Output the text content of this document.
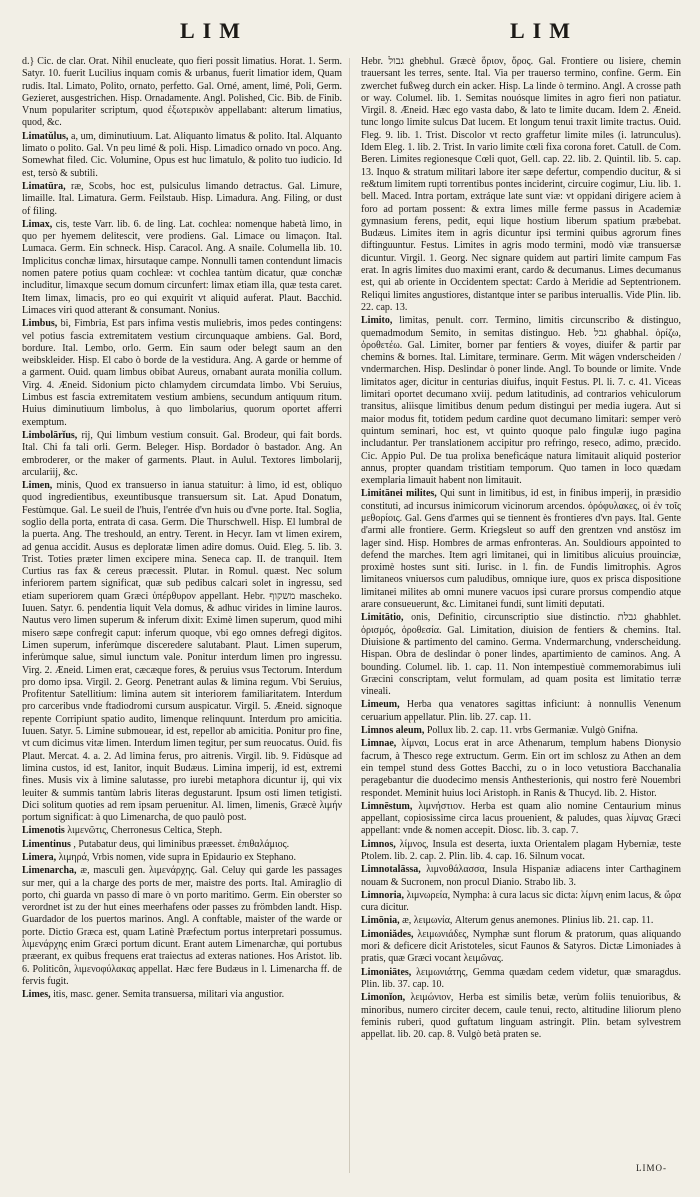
LIM	LIM

d.} Cic. de clar. Orat. Nihil enucleate, quo fieri possit limatius. Horat. 1. Serm. Satyr. 10. fuerit Lucilius inquam comis & urbanus, fuerit limatior idem, Quam rudis. Ital. Limato, Polito, ornato, perfetto. Gal. Orné, ament, limé, Poli, Germ. Gezieret, ausgestrichen. Hisp. Ornadamente. Angl. Polished, Cic. Bib. de Finib. Vnum populariter scriptum, quod ἐξωτερικὸν appellabant: alterum limatius, quod, &c.

Limatŭlus, a, um, diminutiuum. Lat. Aliquanto limatus & polito. Ital. Alquanto limato o polito. Gal. Vn peu limé & poli. Hisp. Limadico ornado vn poco. Ang. Somewhat filed. Cic. Volumine, Opus est huc limatulo, & polito tuo iudicio. Id est, tersò & subtili.

Limatūra, ræ, Scobs, hoc est, pulsiculus limando detractus. Gal. Limure, limaille. Ital. Limatura. Germ. Feilstaub. Hisp. Limadura. Ang. Filing, or dust of filing.

Limax, cis, teste Varr. lib. 6. de ling. Lat. cochlea: nomenque habetà limo, in quo per hyemem delitescit, vere prodiens. Gal. Limace ou limaçon. Ital. Lumaca. Germ. Ein schneck. Hisp. Caracol. Ang. A snaile. Columella lib. 10. Implicitus conchæ limax, hirsutaque campe. Nonnulli tamen contendunt limacis nomen patere potius quam cochleæ: vt cochlea tantùm dicatur, quæ conchæ includitur, limaxque secum domum circunfert: limax etiam illa, quæ testa caret. Item limax, limacis, pro eo qui exquirit vt aliquid auferat. Plaut. Bacchid. Limaces viri quod atterant & consumant. Nonius.

Limbus, bi, Fimbria, Est pars infima vestis muliebris, imos pedes contingens: vel potius fascia extremitatem vestium circunquaque ambiens. Gal. Bord, bordure. Ital. Lembo, orlo. Germ. Ein saum oder belegt saum an den weibskleider. Hisp. El cabo ò borde de la vestidura. Ang. A garde or hemme of a garment. Ouid. quam limbus obibat Aureus, ornabant aurata monilia collum. Virg. 4. Æneid. Sidonium picto chlamydem circumdata limbo. Vbi Seruius, Limbus est fascia extremitatem vestium ambiens, secundum antiquum ritum. Huius diminutiuum limbolus, à quo limbolarius, quorum oportet afferri exemptum.

Limbolārĭus, rij, Qui limbum vestium consuit. Gal. Brodeur, qui fait bords. Ital. Chi fa tali orli. Germ. Beleger. Hisp. Bordador ò bastador. Ang. An embroderer, or the maker of garments. Plaut. in Aulul. Textores limbolarij, arculariij, &c.

Limen, minis, Quod ex transuerso in ianua statuitur: à limo, id est, obliquo quod ingredientibus, exeuntibusque transuersum sit. Lat. Apud Donatum, Festùmque. Gal. Le sueil de l'huis, l'entrée d'vn huis ou d'vne porte. Ital. Soglia, soglio della porta, entrata di casa. Germ. Die Thurschwell. Hisp. El lumbral de la puerta. Ang. The treshould, an entry. Terent. in Hecyr. Iam vt limen exirem, ad genua accidit. Ausus es deploratæ limen adire domus. Ouid. Eleg. 5. lib. 3. Trist. Toties præter limen excipere mina. Seneca cap. II. de tranquil. Item Curtius ras fax & cereus præcessit. Plutar. in Romul. quæst. Nec solum inferiorem partem significat, quæ sub pedibus calcari solet in ingressu, sed etiam superiorem quam Græci ὑπέρθυρον appellant. Hebr. משקוף mascheko. Iuuen. Satyr. 6. pendentia liquit Vela domus, & adhuc virides in limine lauros. Nautus vero limen superum & inferum dixit: Eximè limen superum, quod mihi misero sæpe confregit caput: inferum quoque, vbi ego omnes defregi digitos. Limen superum, inferùmque disceredere salutabant. Plaut. Limen superum, inferùmque salue, simul iunctum vale. Ponitur interdum limen pro ingressu. Virg. 2. Æneid. Limen erat, cæcæque fores, & peruius vsus Tectorum. Interdum pro domo ipsa. Virgil. 2. Georg. Penetrant aulas & limina regum. Vbi Seruius, Profitentur Satellitium: limina autem sit interiorem familiaritatem. Interdum pro carceribus vnde ftadiodromi cursum auspicatur. Virgil. 5. Æneid. signoque repente Corripiunt spatio audito, limenque relinquunt. Interdum pro amicitia. Iuuen. Satyr. 5. Limine submouear, id est, repellor ab amicitia. Ponitur pro fine, vt cum dicimus vitæ limen. Interdum limen tegitur, per sum reuocatus. Ouid. fis Plaut. Mercat. 4. a. 2. Ad limina ferus, pro aitrenis. Virgil. lib. 9. Fidùsque ad limina custos, id est, Ianitor, inquit Budæus. Limina imperij, id est, extremi fines. Musis vix à limine salutasse, pro iurebi metaphora dicuntur ij, qui vix leuiter & summis tantùm labris literas degustarunt. Ipsum osti limen tetigisti. Dici solitum quoties ad rem ipsam peruenitur. Al. limen, limenis, Græcè λιμήν portum significat: à quo Limenarcha, de quo paulò post.

Limenotis λιμενῶτις, Cherronesus Celtica, Steph.

Limentinus , Putabatur deus, qui liminibus præesset. ἐπιθαλάμιος.

Limera, λιμηρά, Vrbis nomen, vide supra in Epidaurio ex Stephano.

Limenarcha, æ, masculi gen. λιμενάρχης. Gal. Celuy qui garde les passages sur mer, qui a la charge des ports de mer, maistre des ports. Ital. Amiraglio di porto, chi guarda vn passo di mare ò vn porto maritimo. Germ. Ein oberster so verordnet ist zu der hut eines meerhafens oder passes zu frömbden landt. Hisp. Guardador de los puertos marinos. Angl. A conftable, maister of the warde or porte. Dictio Græca est, quam Latinè Præfectum portus interpretari possumus. λιμενάρχης enim Græci portum dicunt. Erant autem Limenarchæ, qui portubus præerant, ex quibus frequens erat traiectus ad exteras nationes. Hos Aristot. lib. 6. Politicôn, λιμενοφύλακας appellat. Hæc fere Budæus in l. Limenarcha ff. de fervis fugit.

Limes, itis, masc. gener. Semita transuersa, militari via angustior.

Hebr. גבול ghebhul. Græcè ὅριον, ὅρος. Gal. Frontiere ou lisiere, chemin trauersant les terres, sente. Ital. Via per trauerso termino, confine. Germ. Ein zwerchet fußweg durch ein acker. Hisp. La linde ò termino. Angl. A crosse path or way. Columel. lib. 1. Semitas nouósque limites in agro fieri non patiatur. Virgil. 8. Æneid. Hæc ego vasta dabo, & lato te limite ducam. Idem 2. Æneid. tunc longo limite sulcus Dat lucem. Et longum tenui traxit limite tractus. Ouid. Fleg. 9. lib. 1. Trist. Discolor vt recto graffetur limite miles (i. latrunculus). Idem Eleg. 1. lib. 2. Trist. In vario limite cœli fixa corona foret. Catull. de Com. Beren. Limites regionesque Cœli quot, Gell. cap. 22. lib. 2. Quintil. lib. 5. cap. 13. Inquo & stratum militari labore iter sæpe defertur, compendio ducitur, & si re&tum limitem rupti torrentibus pontes inciderint, circuire cogimur, Liu. lib. 1. bell. Maced. Intra portam, extráque late sunt viæ: vt oppidani dirigere aciem à foro ad portam possent: & extra limes mille ferme passus in Academiæ gymnasium ferens, pedit, equi lique hostium liberum spatium præbebat. Budæus. Limites item in agris dicuntur ipsi termini quibus agrorum fines diftinguuntur. Festus. Limites in agris modo termini, modò viæ transuersæ dicuntur. Virgil. 1. Georg. Nec signare quidem aut partiri limite campum Fas erat. In agris limites duo maximi erant, cardo & decumanus. Limes decumanus est, qui ab oriente in Occidentem spectat: Cardo à Meridie ad Septentrionem. Reliqui limites angustiores, distantque inter se paribus interuallis. Vide Plin. lib. 22. cap. 13.

Limito, limitas, penult. corr. Termino, limitis circunscribo & distinguo, quemadmodum Semito, in semitas distinguo. Heb. גבל ghabhal. ὁρίζω, ὁροθετέω. Gal. Limiter, borner par fentiers & voyes, diuifer & partir par chemins & bornes. Ital. Limitare, terminare. Germ. Mit wägen vnderscheiden / vndermarchen. Hisp. Deslindar ò poner linde. Angl. To bounde or limite. Vnde limitatos ager, dicitur in centurias diuifus, inquit Festus. Pl. li. 7. c. 41. Viceas limitari oportet decumano xviij. pedum latitudinis, ad contrarios vehiculorum transitus, aliisque limitibus denum pedum distingui per media iugera. Aut si maior modus fit, totidem pedum cardine quot decumano limitari: semper verò quintum seminari, hoc est, vt quinto quoque palo fingulæ iugo pagina includantur. Per translationem accipitur pro refringo, reseco, adimo, præcido. Cic. Appio Pul. De tua prolixa beneficáque natura limitauit aliquid posterior annus, propter quandam tristitiam temporum. Quo tamen in loco quædam exemplaria limauit habent non limitauit.

Limitānei milites, Qui sunt in limitibus, id est, in finibus imperij, in præsidio constituti, ad incursus inimicorum vicinorum arcendos. ὁρόφυλακες, οἱ ἐν τοῖς μεθορίοις. Gal. Gens d'armes qui se tiennent ès frontieres d'vn pays. Ital. Gente d'armi alle frontiere. Germ. Kriegsleut so auff den grentzen vnd anstösz im lager sind. Hisp. Hombres de armas enfronteras. An. Souldiours appointed to defend the marches. Item agri limitanei, qui in limitibus alicuius prouinciæ, proximè hostes sunt siti. Iurisc. in l. fin. de Fundis limitrophis. Agros limitaneos vniuersos cum paludibus, omnique iure, quos ex prisca dispositione limitanei milites ab omni munere vacuos ipsi curare prorsus compendio atque arare consueuerunt, &c. Limitanei fundi, sunt limiti deputati.

Limitātio, onis, Definitio, circunscriptio siue distinctio. גבלת ghabhlet. ὁρισμός, ὁροθεσία. Gal. Limitation, diuision de fentiers & chemins. Ital. Diuisione & partimento del camino. Germa. Vndermarchung, vnderscheidung. Hispan. Obra de deslindar ò poner lindes, apartimiento de caminos. Ang. A bounding. Columel. lib. 1. cap. 11. Non intempestiuè commemorabimus iuli Græcini conscriptam, velut formulam, ad quam posita est limitatio terræ vineali.

Limeum, Herba qua venatores sagittas inficiunt: à nonnullis Venenum ceruarium appellatur. Plin. lib. 27. cap. 11.

Limnos aleum, Pollux lib. 2. cap. 11. vrbs Germaniæ. Vulgò Gnifna.

Limnae, λίμναι, Locus erat in arce Athenarum, templum habens Dionysio facrum, à Thesco rege extructum. Germ. Ein ort im schlosz zu Athen an dem ein tempel stund dess Gottes Bacchi, zu o in loco vetustiora Bacchanalia peragebantur die duodecimo mensis Anthesterionis, qui nostro ferè Nouembri respondet. Meminit huius loci Aristoph. in Ranis & Thucyd. lib. 2. Histor.

Limnēstum, λιμνήστιον. Herba est quam alio nomine Centaurium minus appellant, copiosissime circa lacus prouenient, & paludes, quas λίμνας Græci appellant: vnde & nomen accepit. Diosc. lib. 3. cap. 7.

Limnos, λίμνος, Insula est deserta, iuxta Orientalem plagam Hyberniæ, teste Ptolem. lib. 2. cap. 2. Plin. lib. 4. cap. 16. Silnum vocat.

Limnotalāssa, λιμνοθάλασσα, Insula Hispaniæ adiacens inter Carthaginem nouam & Sucronem, non procul Dianio. Strabo lib. 3.

Limnoria, λιμνωρεία, Nympha: à cura lacus sic dicta: λίμνη enim lacus, & ὤρα cura dicitur.

Limōnia, æ, λειμωνία, Alterum genus anemones. Plinius lib. 21. cap. 11.

Limoniădes, λειμωνιάδες, Nymphæ sunt florum & pratorum, quas aliquando mori & deficere dicit Aristoteles, sicut Faunos & Satyros. Dictæ Limoniades à pratis, quæ Græci vocant λειμῶνας.

Limoniātes, λειμωνιάτης, Gemma quædam cedem videtur, quæ smaragdus. Plin. lib. 37. cap. 10.

Limonĭon, λειμώνιον, Herba est similis betæ, verùm foliis tenuioribus, & minoribus, numero circiter decem, caule tenui, recto, altitudine liliorum pleno feminis ruberi, quod guftatum linguam astringit. Plin. betam sylvestrem appellat. lib. 20. cap. 8. Vulgò betà praten se.

LIMO-
